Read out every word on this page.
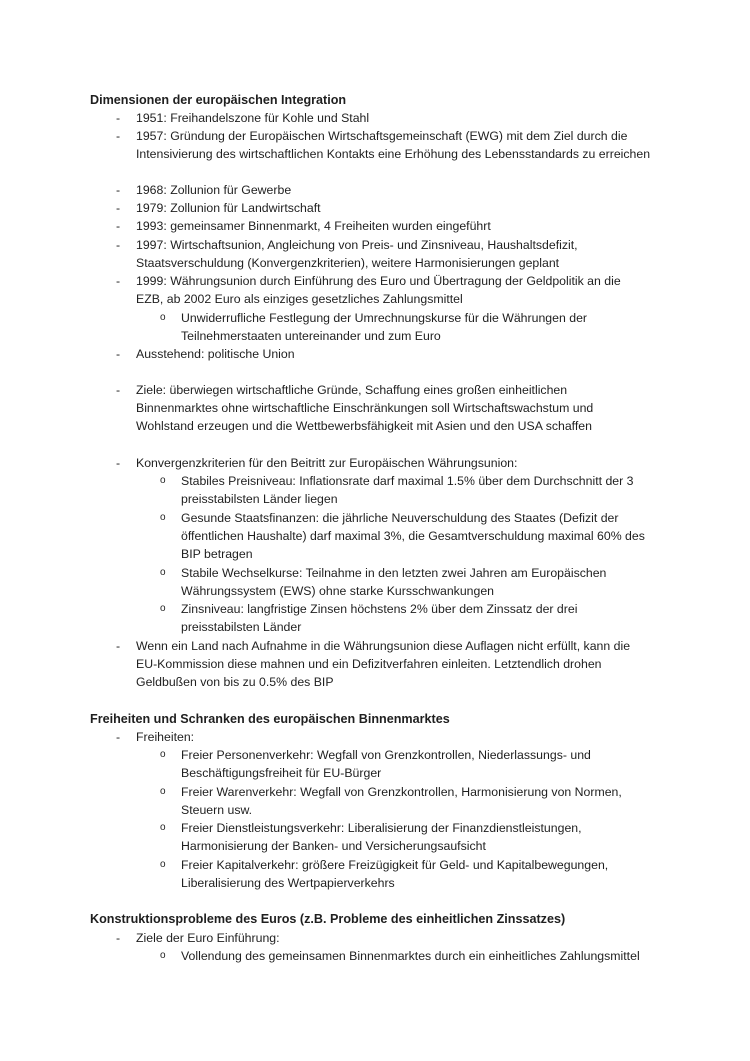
Dimensionen der europäischen Integration
- 1951: Freihandelszone für Kohle und Stahl
- 1957: Gründung der Europäischen Wirtschaftsgemeinschaft (EWG) mit dem Ziel durch die Intensivierung des wirtschaftlichen Kontakts eine Erhöhung des Lebensstandards zu erreichen
- 1968: Zollunion für Gewerbe
- 1979: Zollunion für Landwirtschaft
- 1993: gemeinsamer Binnenmarkt, 4 Freiheiten wurden eingeführt
- 1997: Wirtschaftsunion, Angleichung von Preis- und Zinsniveau, Haushaltsdefizit, Staatsverschuldung (Konvergenzkriterien), weitere Harmonisierungen geplant
- 1999: Währungsunion durch Einführung des Euro und Übertragung der Geldpolitik an die EZB, ab 2002 Euro als einziges gesetzliches Zahlungsmittel
o Unwiderrufliche Festlegung der Umrechnungskurse für die Währungen der Teilnehmerstaaten untereinander und zum Euro
- Ausstehend: politische Union
- Ziele: überwiegen wirtschaftliche Gründe, Schaffung eines großen einheitlichen Binnenmarktes ohne wirtschaftliche Einschränkungen soll Wirtschaftswachstum und Wohlstand erzeugen und die Wettbewerbsfähigkeit mit Asien und den USA schaffen
- Konvergenzkriterien für den Beitritt zur Europäischen Währungsunion:
o Stabiles Preisniveau: Inflationsrate darf maximal 1.5% über dem Durchschnitt der 3 preisstabilsten Länder liegen
o Gesunde Staatsfinanzen: die jährliche Neuverschuldung des Staates (Defizit der öffentlichen Haushalte) darf maximal 3%, die Gesamtverschuldung maximal 60% des BIP betragen
o Stabile Wechselkurse: Teilnahme in den letzten zwei Jahren am Europäischen Währungssystem (EWS) ohne starke Kursschwankungen
o Zinsniveau: langfristige Zinsen höchstens 2% über dem Zinssatz der drei preisstabilsten Länder
- Wenn ein Land nach Aufnahme in die Währungsunion diese Auflagen nicht erfüllt, kann die EU-Kommission diese mahnen und ein Defizitverfahren einleiten. Letztendlich drohen Geldbußen von bis zu 0.5% des BIP
Freiheiten und Schranken des europäischen Binnenmarktes
- Freiheiten:
o Freier Personenverkehr: Wegfall von Grenzkontrollen, Niederlassungs- und Beschäftigungsfreiheit für EU-Bürger
o Freier Warenverkehr: Wegfall von Grenzkontrollen, Harmonisierung von Normen, Steuern usw.
o Freier Dienstleistungsverkehr: Liberalisierung der Finanzdienstleistungen, Harmonisierung der Banken- und Versicherungsaufsicht
o Freier Kapitalverkehr: größere Freizügigkeit für Geld- und Kapitalbewegungen, Liberalisierung des Wertpapierverkehrs
Konstruktionsprobleme des Euros (z.B. Probleme des einheitlichen Zinssatzes)
- Ziele der Euro Einführung:
o Vollendung des gemeinsamen Binnenmarktes durch ein einheitliches Zahlungsmittel
